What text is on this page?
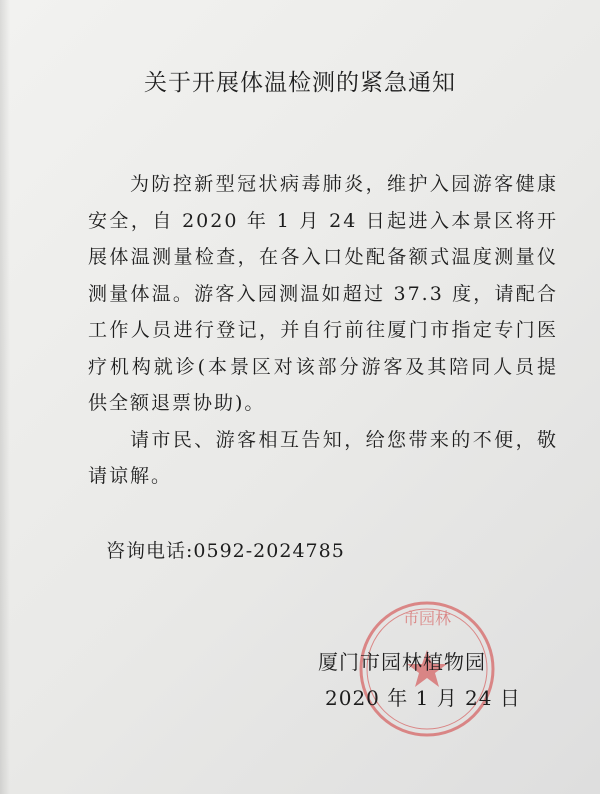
关于开展体温检测的紧急通知

为防控新型冠状病毒肺炎，维护入园游客健康安全，自 2020 年 1 月 24 日起进入本景区将开展体温测量检查，在各入口处配备额式温度测量仪测量体温。游客入园测温如超过 37.3 度，请配合工作人员进行登记，并自行前往厦门市指定专门医疗机构就诊(本景区对该部分游客及其陪同人员提供全额退票协助)。

请市民、游客相互告知，给您带来的不便，敬请谅解。

咨询电话:0592-2024785
市园林
厦门市园林植物园
2020 年 1 月 24 日
